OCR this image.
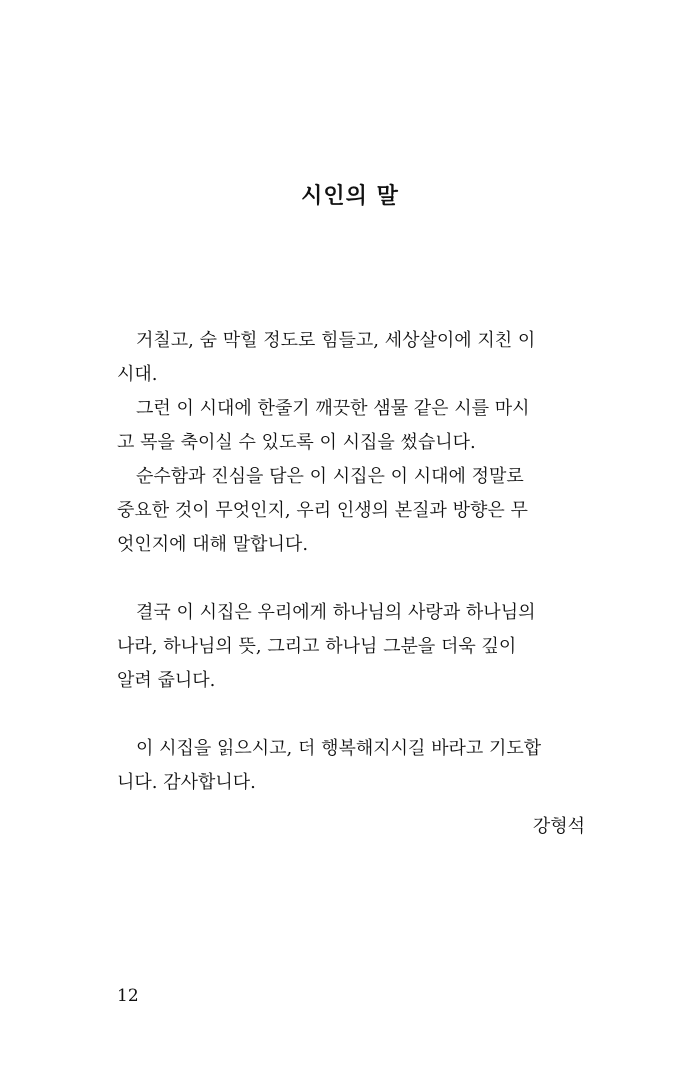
시인의 말
거칠고, 숨 막힐 정도로 힘들고, 세상살이에 지친 이
시대.
그런 이 시대에 한줄기 깨끗한 샘물 같은 시를 마시
고 목을 축이실 수 있도록 이 시집을 썼습니다.
순수함과 진심을 담은 이 시집은 이 시대에 정말로
중요한 것이 무엇인지, 우리 인생의 본질과 방향은 무
엇인지에 대해 말합니다.
결국 이 시집은 우리에게 하나님의 사랑과 하나님의
나라, 하나님의 뜻, 그리고 하나님 그분을 더욱 깊이
알려 줍니다.
이 시집을 읽으시고, 더 행복해지시길 바라고 기도합
니다. 감사합니다.
강형석
12
